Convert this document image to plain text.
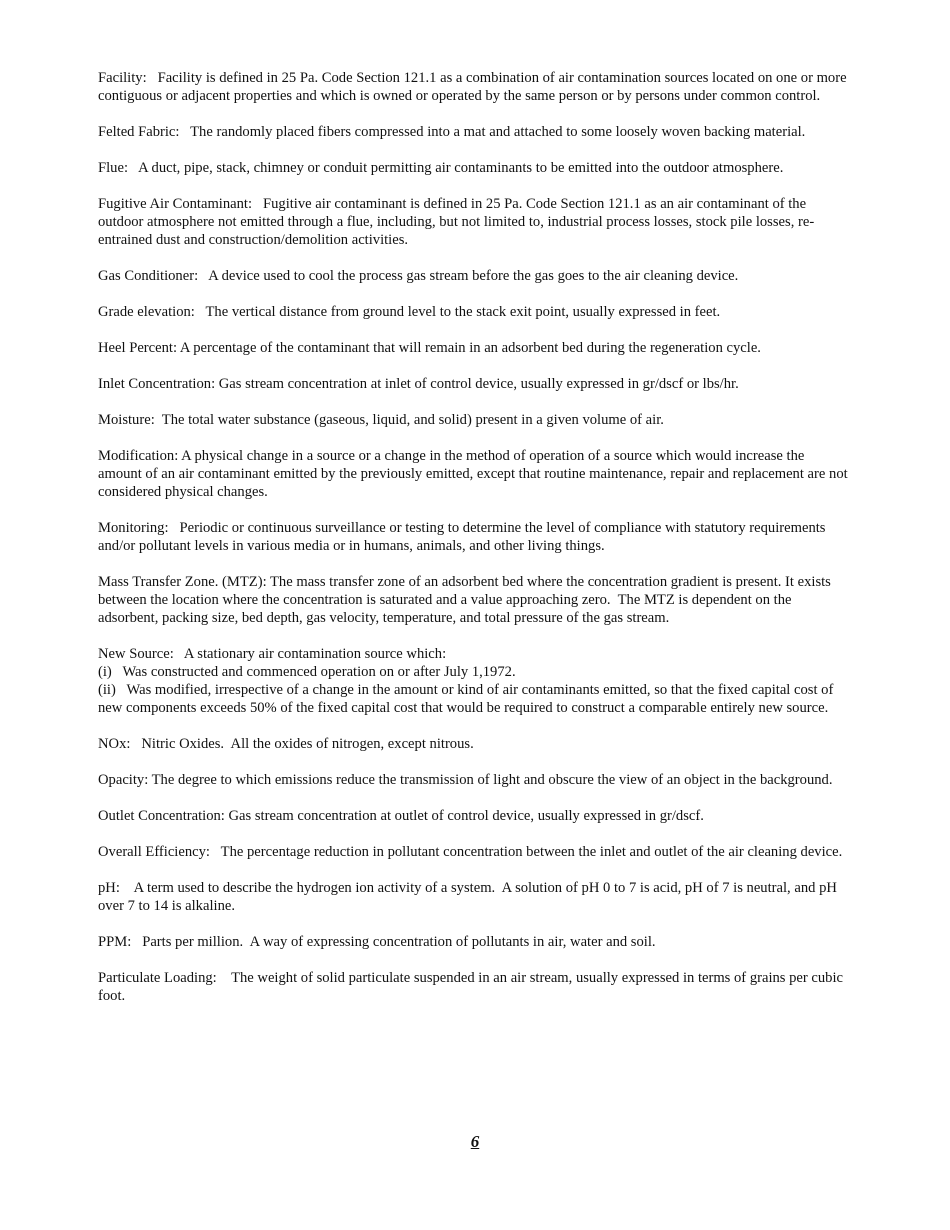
Facility:   Facility is defined in 25 Pa. Code Section 121.1 as a combination of air contamination sources located on one or more contiguous or adjacent properties and which is owned or operated by the same person or by persons under common control.

Felted Fabric:   The randomly placed fibers compressed into a mat and attached to some loosely woven backing material.

Flue:   A duct, pipe, stack, chimney or conduit permitting air contaminants to be emitted into the outdoor atmosphere.

Fugitive Air Contaminant:   Fugitive air contaminant is defined in 25 Pa. Code Section 121.1 as an air contaminant of the outdoor atmosphere not emitted through a flue, including, but not limited to, industrial process losses, stock pile losses, re-entrained dust and construction/demolition activities.

Gas Conditioner:   A device used to cool the process gas stream before the gas goes to the air cleaning device.

Grade elevation:   The vertical distance from ground level to the stack exit point, usually expressed in feet.

Heel Percent: A percentage of the contaminant that will remain in an adsorbent bed during the regeneration cycle.

Inlet Concentration: Gas stream concentration at inlet of control device, usually expressed in gr/dscf or lbs/hr.

Moisture:  The total water substance (gaseous, liquid, and solid) present in a given volume of air.

Modification: A physical change in a source or a change in the method of operation of a source which would increase the amount of an air contaminant emitted by the previously emitted, except that routine maintenance, repair and replacement are not considered physical changes.

Monitoring:   Periodic or continuous surveillance or testing to determine the level of compliance with statutory requirements and/or pollutant levels in various media or in humans, animals, and other living things.

Mass Transfer Zone. (MTZ): The mass transfer zone of an adsorbent bed where the concentration gradient is present. It exists between the location where the concentration is saturated and a value approaching zero.  The MTZ is dependent on the adsorbent, packing size, bed depth, gas velocity, temperature, and total pressure of the gas stream.

New Source:   A stationary air contamination source which:

(i)   Was constructed and commenced operation on or after July 1,1972.

(ii)   Was modified, irrespective of a change in the amount or kind of air contaminants emitted, so that the fixed capital cost of new components exceeds 50% of the fixed capital cost that would be required to construct a comparable entirely new source.

NOx:   Nitric Oxides.  All the oxides of nitrogen, except nitrous.

Opacity: The degree to which emissions reduce the transmission of light and obscure the view of an object in the background.

Outlet Concentration: Gas stream concentration at outlet of control device, usually expressed in gr/dscf.

Overall Efficiency:   The percentage reduction in pollutant concentration between the inlet and outlet of the air cleaning device.

pH:    A term used to describe the hydrogen ion activity of a system.  A solution of pH 0 to 7 is acid, pH of 7 is neutral, and pH over 7 to 14 is alkaline.

PPM:   Parts per million.  A way of expressing concentration of pollutants in air, water and soil.

Particulate Loading:    The weight of solid particulate suspended in an air stream, usually expressed in terms of grains per cubic foot.

6
